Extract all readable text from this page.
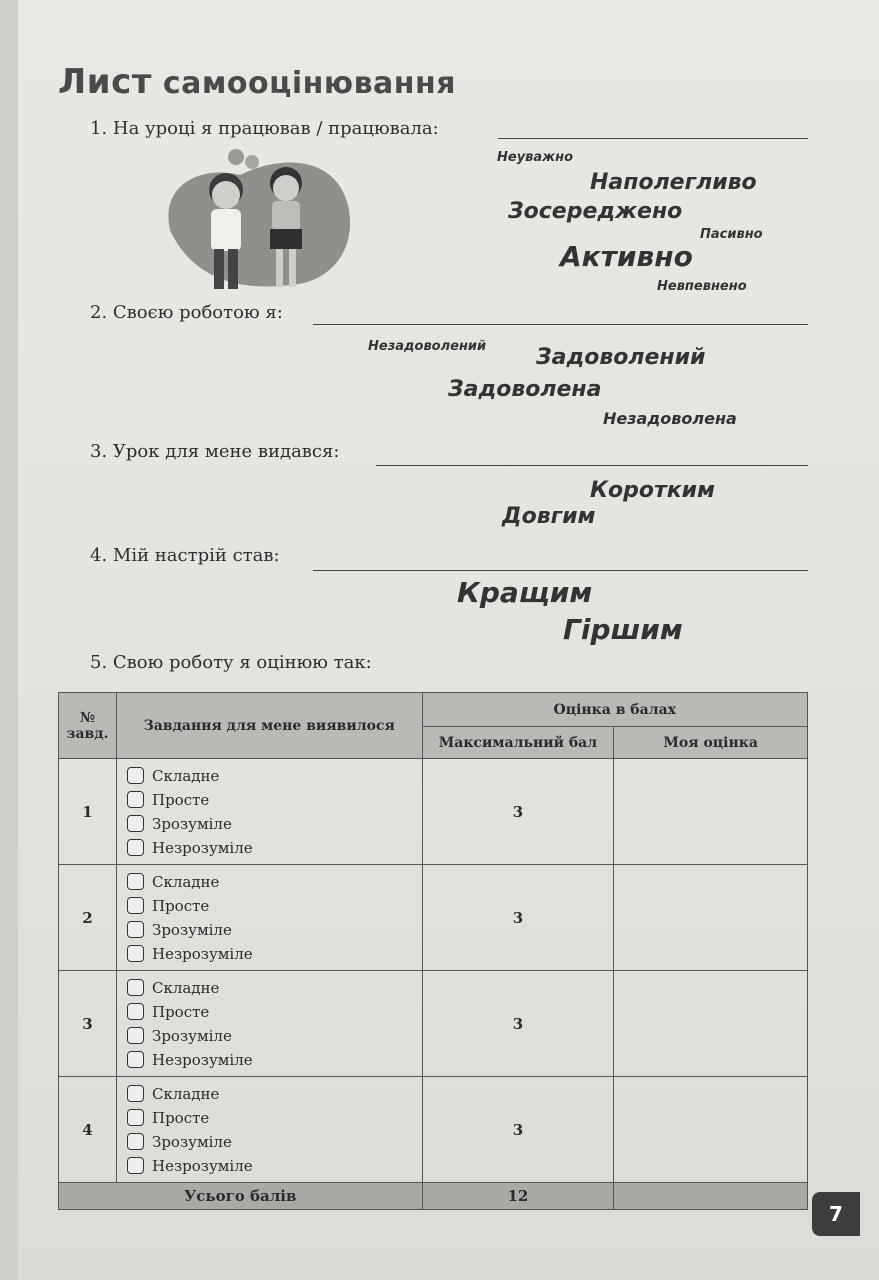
Лист самооцінювання
1. На уроці я працював / працювала:
Неуважно
Наполегливо
Зосереджено
Пасивно
Активно
Невпевнено
2. Своєю роботою я:
Незадоволений Задоволений
Задоволена
Незадоволена
3. Урок для мене видався:
Коротким
Довгим
4. Мій настрій став:
Кращим
Гіршим
5. Свою роботу я оцінюю так:
№ завд.	Завдання для мене виявилося	Оцінка в балах	
		Максимальний бал	Моя оцінка
1	Складне
Просте
Зрозуміле
Незрозуміле	3	
2	Складне
Просте
Зрозуміле
Незрозуміле	3	
3	Складне
Просте
Зрозуміле
Незрозуміле	3	
4	Складне
Просте
Зрозуміле
Незрозуміле	3	
Усього балів		12	
7
